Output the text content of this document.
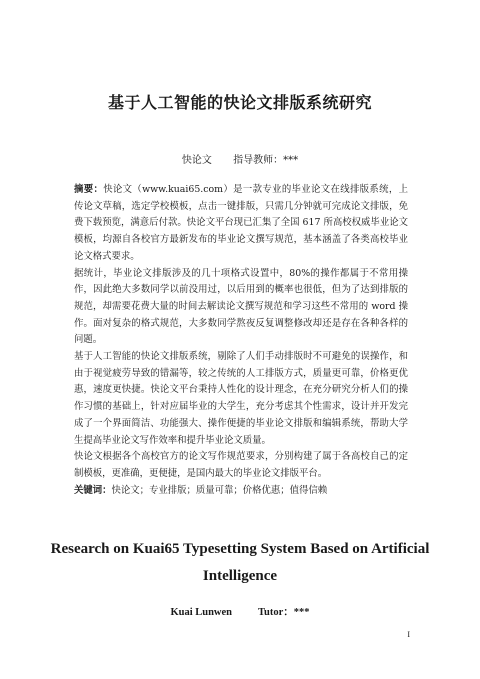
基于人工智能的快论文排版系统研究
快论文 指导教师：***

摘要：快论文（www.kuai65.com）是一款专业的毕业论文在线排版系统，上传论文草稿，选定学校模板，点击一键排版，只需几分钟就可完成论文排版，免费下载预览，满意后付款。快论文平台现已汇集了全国 617 所高校权威毕业论文模板，均源自各校官方最新发布的毕业论文撰写规范，基本涵盖了各类高校毕业论文格式要求。

据统计，毕业论文排版涉及的几十项格式设置中，80%的操作都属于不常用操作，因此绝大多数同学以前没用过，以后用到的概率也很低，但为了达到排版的规范，却需要花费大量的时间去解读论文撰写规范和学习这些不常用的 word 操作。面对复杂的格式规范，大多数同学熬夜反复调整修改却还是存在各种各样的问题。

基于人工智能的快论文排版系统，剔除了人们手动排版时不可避免的误操作，和由于视觉疲劳导致的错漏等，较之传统的人工排版方式，质量更可靠，价格更优惠，速度更快捷。快论文平台秉持人性化的设计理念，在充分研究分析人们的操作习惯的基础上，针对应届毕业的大学生，充分考虑其个性需求，设计并开发完成了一个界面简洁、功能强大、操作便捷的毕业论文排版和编辑系统，帮助大学生提高毕业论文写作效率和提升毕业论文质量。

快论文根据各个高校官方的论文写作规范要求，分别构建了属于各高校自己的定制模板，更准确，更便捷，是国内最大的毕业论文排版平台。

关键词：快论文；专业排版；质量可靠；价格优惠；值得信赖

Research on Kuai65 Typesetting System Based on Artificial Intelligence
Kuai Lunwen Tutor：***
I
